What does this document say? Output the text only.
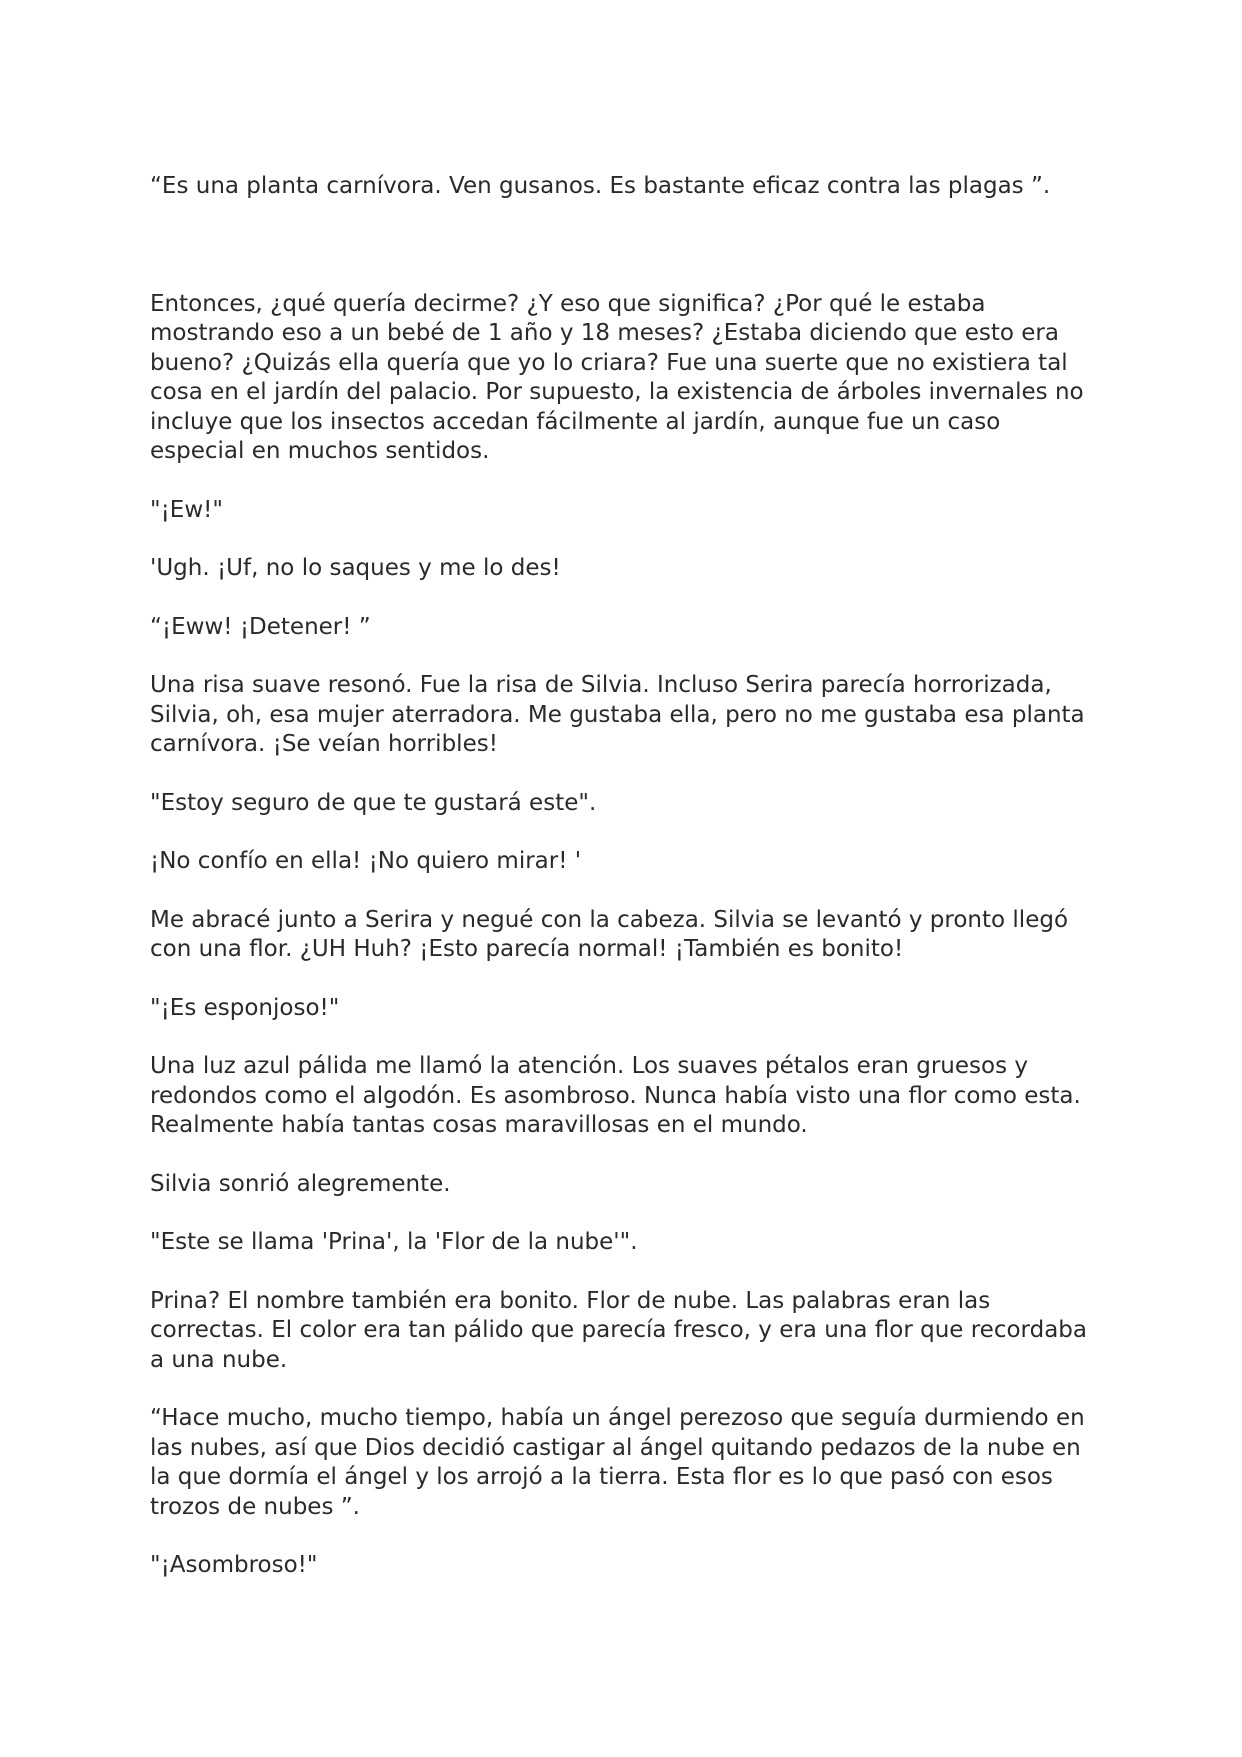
“Es una planta carnívora. Ven gusanos. Es bastante eficaz contra las plagas ”.

Entonces, ¿qué quería decirme? ¿Y eso que significa? ¿Por qué le estaba mostrando eso a un bebé de 1 año y 18 meses? ¿Estaba diciendo que esto era bueno? ¿Quizás ella quería que yo lo criara? Fue una suerte que no existiera tal cosa en el jardín del palacio. Por supuesto, la existencia de árboles invernales no incluye que los insectos accedan fácilmente al jardín, aunque fue un caso especial en muchos sentidos.

"¡Ew!"

'Ugh. ¡Uf, no lo saques y me lo des!

“¡Eww! ¡Detener! ”

Una risa suave resonó. Fue la risa de Silvia. Incluso Serira parecía horrorizada, Silvia, oh, esa mujer aterradora. Me gustaba ella, pero no me gustaba esa planta carnívora. ¡Se veían horribles!

"Estoy seguro de que te gustará este".

¡No confío en ella! ¡No quiero mirar! '

Me abracé junto a Serira y negué con la cabeza. Silvia se levantó y pronto llegó con una flor. ¿UH Huh? ¡Esto parecía normal! ¡También es bonito!

"¡Es esponjoso!"

Una luz azul pálida me llamó la atención. Los suaves pétalos eran gruesos y redondos como el algodón. Es asombroso. Nunca había visto una flor como esta. Realmente había tantas cosas maravillosas en el mundo.

Silvia sonrió alegremente.

"Este se llama 'Prina', la 'Flor de la nube'".

Prina? El nombre también era bonito. Flor de nube. Las palabras eran las correctas. El color era tan pálido que parecía fresco, y era una flor que recordaba a una nube.

“Hace mucho, mucho tiempo, había un ángel perezoso que seguía durmiendo en las nubes, así que Dios decidió castigar al ángel quitando pedazos de la nube en la que dormía el ángel y los arrojó a la tierra. Esta flor es lo que pasó con esos trozos de nubes ”.

"¡Asombroso!"
